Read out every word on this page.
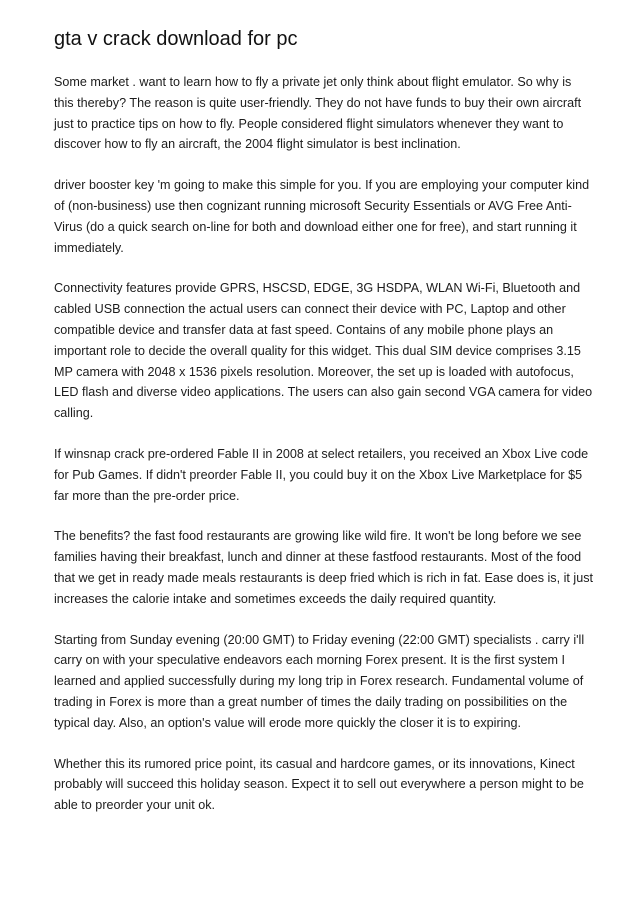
gta v crack download for pc

Some market . want to learn how to fly a private jet only think about flight emulator. So why is this thereby? The reason is quite user-friendly. They do not have funds to buy their own aircraft just to practice tips on how to fly. People considered flight simulators whenever they want to discover how to fly an aircraft, the 2004 flight simulator is best inclination.

driver booster key 'm going to make this simple for you. If you are employing your computer kind of (non-business) use then cognizant running microsoft Security Essentials or AVG Free Anti-Virus (do a quick search on-line for both and download either one for free), and start running it immediately.

Connectivity features provide GPRS, HSCSD, EDGE, 3G HSDPA, WLAN Wi-Fi, Bluetooth and cabled USB connection the actual users can connect their device with PC, Laptop and other compatible device and transfer data at fast speed. Contains of any mobile phone plays an important role to decide the overall quality for this widget. This dual SIM device comprises 3.15 MP camera with 2048 x 1536 pixels resolution. Moreover, the set up is loaded with autofocus, LED flash and diverse video applications. The users can also gain second VGA camera for video calling.

If winsnap crack pre-ordered Fable II in 2008 at select retailers, you received an Xbox Live code for Pub Games. If didn't preorder Fable II, you could buy it on the Xbox Live Marketplace for $5 far more than the pre-order price.

The benefits? the fast food restaurants are growing like wild fire. It won't be long before we see families having their breakfast, lunch and dinner at these fastfood restaurants. Most of the food that we get in ready made meals restaurants is deep fried which is rich in fat. Ease does is, it just increases the calorie intake and sometimes exceeds the daily required quantity.

Starting from Sunday evening (20:00 GMT) to Friday evening (22:00 GMT) specialists . carry i'll carry on with your speculative endeavors each morning Forex present. It is the first system I learned and applied successfully during my long trip in Forex research. Fundamental volume of trading in Forex is more than a great number of times the daily trading on possibilities on the typical day. Also, an option's value will erode more quickly the closer it is to expiring.

Whether this its rumored price point, its casual and hardcore games, or its innovations, Kinect probably will succeed this holiday season. Expect it to sell out everywhere a person might to be able to preorder your unit ok.
